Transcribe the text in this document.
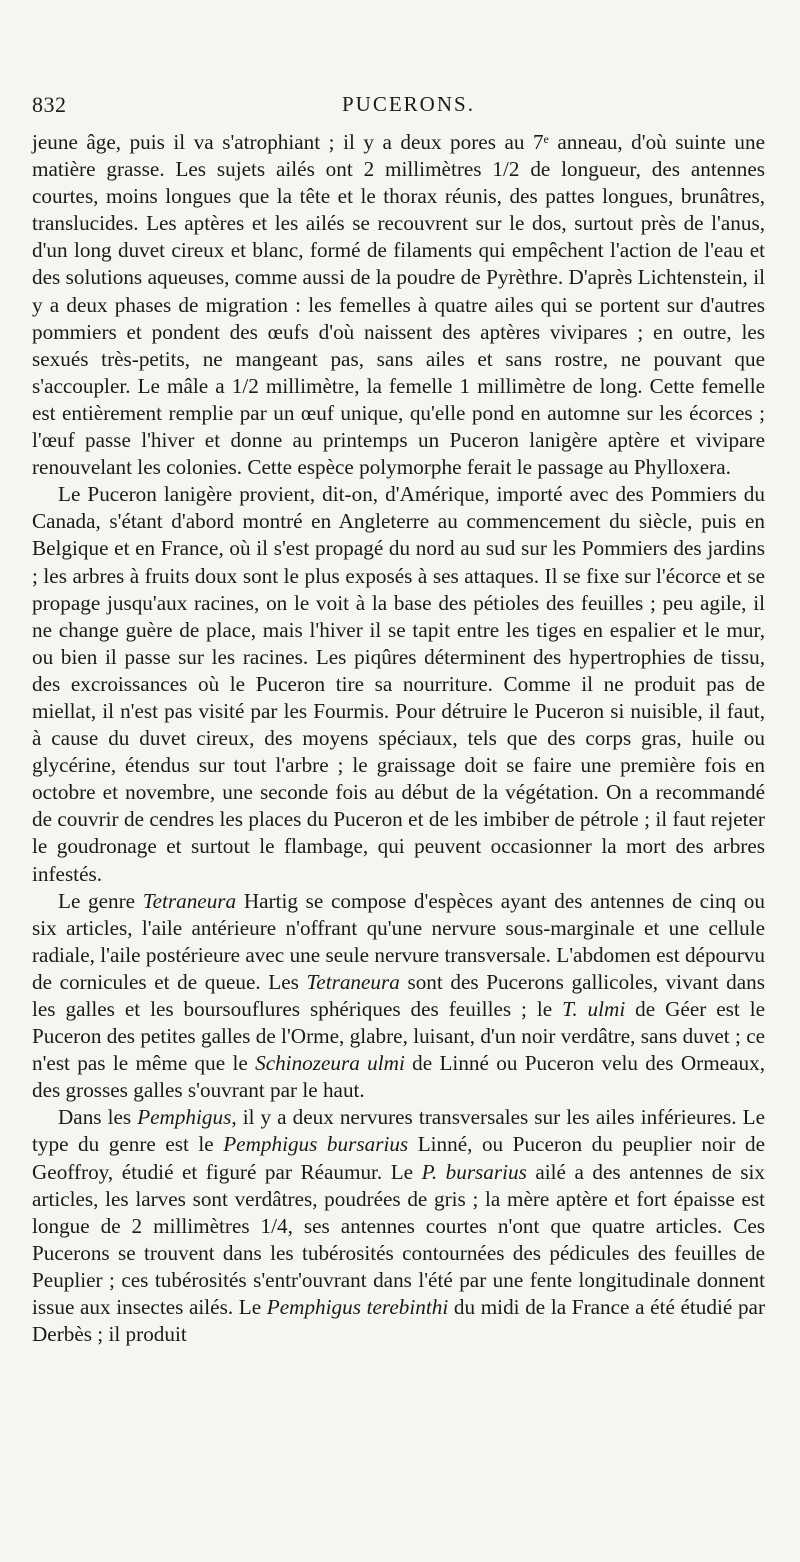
832	PUCERONS.

jeune âge, puis il va s'atrophiant ; il y a deux pores au 7e anneau, d'où suinte une matière grasse. Les sujets ailés ont 2 millimètres 1/2 de longueur, des antennes courtes, moins longues que la tête et le thorax réunis, des pattes longues, brunâtres, translucides. Les aptères et les ailés se recouvrent sur le dos, surtout près de l'anus, d'un long duvet cireux et blanc, formé de filaments qui empêchent l'action de l'eau et des solutions aqueuses, comme aussi de la poudre de Pyrèthre. D'après Lichtenstein, il y a deux phases de migration : les femelles à quatre ailes qui se portent sur d'autres pommiers et pondent des œufs d'où naissent des aptères vivipares ; en outre, les sexués très-petits, ne mangeant pas, sans ailes et sans rostre, ne pouvant que s'accoupler. Le mâle a 1/2 millimètre, la femelle 1 millimètre de long. Cette femelle est entièrement remplie par un œuf unique, qu'elle pond en automne sur les écorces ; l'œuf passe l'hiver et donne au printemps un Puceron lanigère aptère et vivipare renouvelant les colonies. Cette espèce polymorphe ferait le passage au Phylloxera.

Le Puceron lanigère provient, dit-on, d'Amérique, importé avec des Pommiers du Canada, s'étant d'abord montré en Angleterre au commencement du siècle, puis en Belgique et en France, où il s'est propagé du nord au sud sur les Pommiers des jardins ; les arbres à fruits doux sont le plus exposés à ses attaques. Il se fixe sur l'écorce et se propage jusqu'aux racines, on le voit à la base des pétioles des feuilles ; peu agile, il ne change guère de place, mais l'hiver il se tapit entre les tiges en espalier et le mur, ou bien il passe sur les racines. Les piqûres déterminent des hypertrophies de tissu, des excroissances où le Puceron tire sa nourriture. Comme il ne produit pas de miellat, il n'est pas visité par les Fourmis. Pour détruire le Puceron si nuisible, il faut, à cause du duvet cireux, des moyens spéciaux, tels que des corps gras, huile ou glycérine, étendus sur tout l'arbre ; le graissage doit se faire une première fois en octobre et novembre, une seconde fois au début de la végétation. On a recommandé de couvrir de cendres les places du Puceron et de les imbiber de pétrole ; il faut rejeter le goudronage et surtout le flambage, qui peuvent occasionner la mort des arbres infestés.

Le genre Tetraneura Hartig se compose d'espèces ayant des antennes de cinq ou six articles, l'aile antérieure n'offrant qu'une nervure sous-marginale et une cellule radiale, l'aile postérieure avec une seule nervure transversale. L'abdomen est dépourvu de cornicules et de queue. Les Tetraneura sont des Pucerons gallicoles, vivant dans les galles et les boursouflures sphériques des feuilles ; le T. ulmi de Géer est le Puceron des petites galles de l'Orme, glabre, luisant, d'un noir verdâtre, sans duvet ; ce n'est pas le même que le Schinozeura ulmi de Linné ou Puceron velu des Ormeaux, des grosses galles s'ouvrant par le haut.

Dans les Pemphigus, il y a deux nervures transversales sur les ailes inférieures. Le type du genre est le Pemphigus bursarius Linné, ou Puceron du peuplier noir de Geoffroy, étudié et figuré par Réaumur. Le P. bursarius ailé a des antennes de six articles, les larves sont verdâtres, poudrées de gris ; la mère aptère et fort épaisse est longue de 2 millimètres 1/4, ses antennes courtes n'ont que quatre articles. Ces Pucerons se trouvent dans les tubérosités contournées des pédicules des feuilles de Peuplier ; ces tubérosités s'entr'ouvrant dans l'été par une fente longitudinale donnent issue aux insectes ailés. Le Pemphigus terebinthi du midi de la France a été étudié par Derbès ; il produit
